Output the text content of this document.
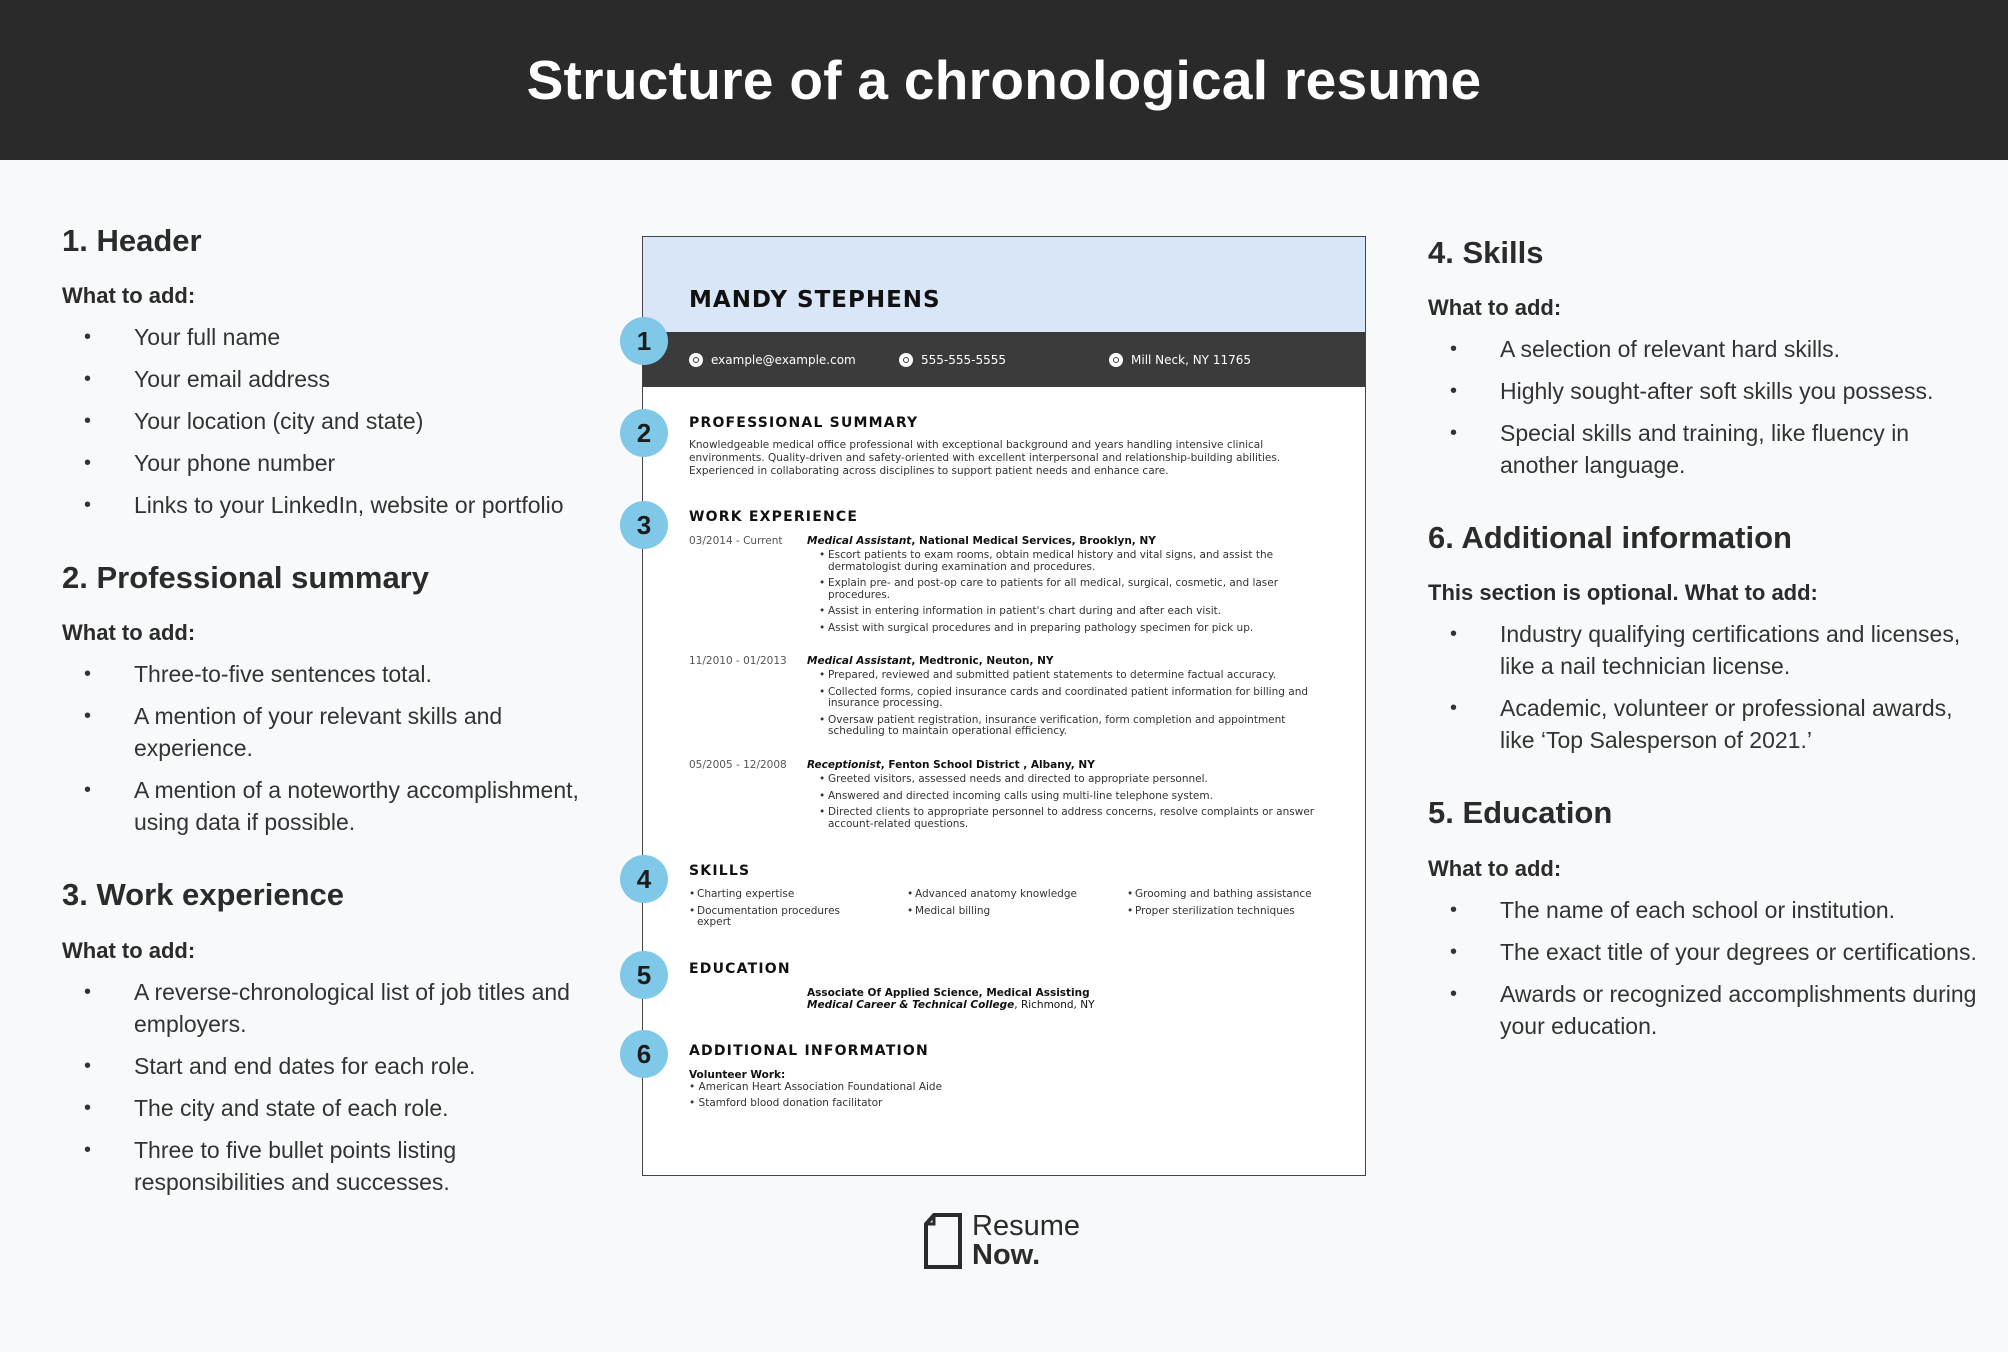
Structure of a chronological resume
1. Header
What to add:
• Your full name
• Your email address
• Your location (city and state)
• Your phone number
• Links to your LinkedIn, website or portfolio
2. Professional summary
What to add:
• Three-to-five sentences total.
• A mention of your relevant skills and experience.
• A mention of a noteworthy accomplishment, using data if possible.
3. Work experience
What to add:
• A reverse-chronological list of job titles and employers.
• Start and end dates for each role.
• The city and state of each role.
• Three to five bullet points listing responsibilities and successes.
MANDY STEPHENS
example@example.com	555-555-5555	Mill Neck, NY 11765
PROFESSIONAL SUMMARY
Knowledgeable medical office professional with exceptional background and years handling intensive clinical environments. Quality-driven and safety-oriented with excellent interpersonal and relationship-building abilities. Experienced in collaborating across disciplines to support patient needs and enhance care.
WORK EXPERIENCE
03/2014 - Current Medical Assistant, National Medical Services, Brooklyn, NY
• Escort patients to exam rooms, obtain medical history and vital signs, and assist the dermatologist during examination and procedures.
• Explain pre- and post-op care to patients for all medical, surgical, cosmetic, and laser procedures.
• Assist in entering information in patient's chart during and after each visit.
• Assist with surgical procedures and in preparing pathology specimen for pick up.
11/2010 - 01/2013 Medical Assistant, Medtronic, Neuton, NY
• Prepared, reviewed and submitted patient statements to determine factual accuracy.
• Collected forms, copied insurance cards and coordinated patient information for billing and insurance processing.
• Oversaw patient registration, insurance verification, form completion and appointment scheduling to maintain operational efficiency.
05/2005 - 12/2008 Receptionist, Fenton School District , Albany, NY
• Greeted visitors, assessed needs and directed to appropriate personnel.
• Answered and directed incoming calls using multi-line telephone system.
• Directed clients to appropriate personnel to address concerns, resolve complaints or answer account-related questions.
SKILLS
• Charting expertise
• Documentation procedures expert
• Advanced anatomy knowledge
• Medical billing
• Grooming and bathing assistance
• Proper sterilization techniques
EDUCATION
Associate Of Applied Science, Medical Assisting
Medical Career & Technical College, Richmond, NY
ADDITIONAL INFORMATION
Volunteer Work:
• American Heart Association Foundational Aide
• Stamford blood donation facilitator
1
2
3
4
5
6
4. Skills
What to add:
• A selection of relevant hard skills.
• Highly sought-after soft skills you possess.
• Special skills and training, like fluency in another language.
6. Additional information
This section is optional. What to add:
• Industry qualifying certifications and licenses, like a nail technician license.
• Academic, volunteer or professional awards, like ‘Top Salesperson of 2021.’
5. Education
What to add:
• The name of each school or institution.
• The exact title of your degrees or certifications.
• Awards or recognized accomplishments during your education.
Resume
Now.
